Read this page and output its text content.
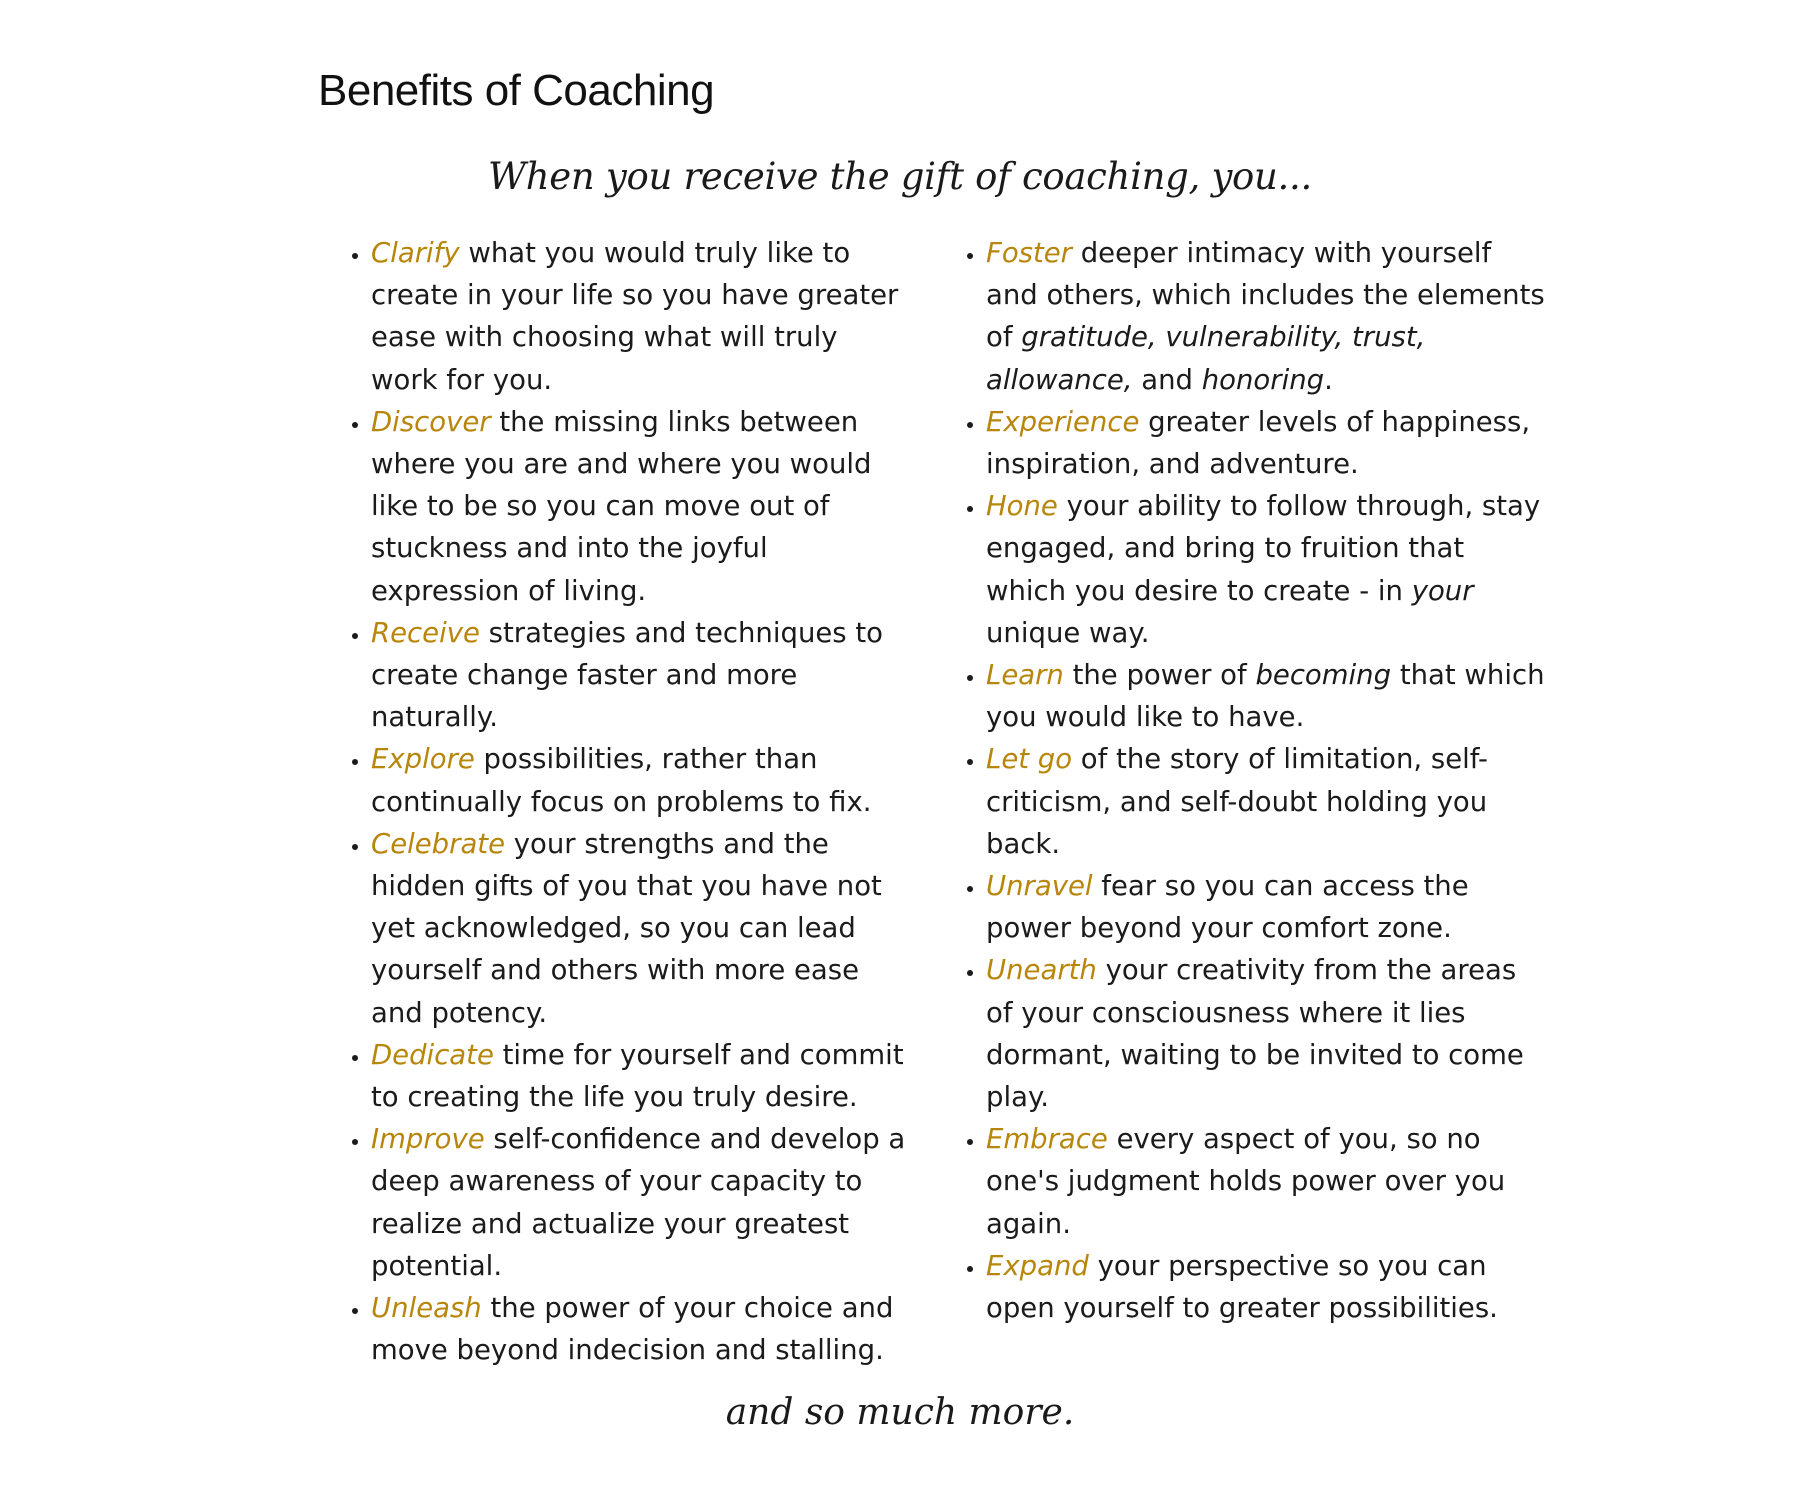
Benefits of Coaching
When you receive the gift of coaching, you...
• Clarify what you would truly like to create in your life so you have greater ease with choosing what will truly work for you.
• Discover the missing links between where you are and where you would like to be so you can move out of stuckness and into the joyful expression of living.
• Receive strategies and techniques to create change faster and more naturally.
• Explore possibilities, rather than continually focus on problems to fix.
• Celebrate your strengths and the hidden gifts of you that you have not yet acknowledged, so you can lead yourself and others with more ease and potency.
• Dedicate time for yourself and commit to creating the life you truly desire.
• Improve self-confidence and develop a deep awareness of your capacity to realize and actualize your greatest potential.
• Unleash the power of your choice and move beyond indecision and stalling.
• Foster deeper intimacy with yourself and others, which includes the elements of gratitude, vulnerability, trust, allowance, and honoring.
• Experience greater levels of happiness, inspiration, and adventure.
• Hone your ability to follow through, stay engaged, and bring to fruition that which you desire to create - in your unique way.
• Learn the power of becoming that which you would like to have.
• Let go of the story of limitation, self-criticism, and self-doubt holding you back.
• Unravel fear so you can access the power beyond your comfort zone.
• Unearth your creativity from the areas of your consciousness where it lies dormant, waiting to be invited to come play.
• Embrace every aspect of you, so no one's judgment holds power over you again.
• Expand your perspective so you can open yourself to greater possibilities.
and so much more.
